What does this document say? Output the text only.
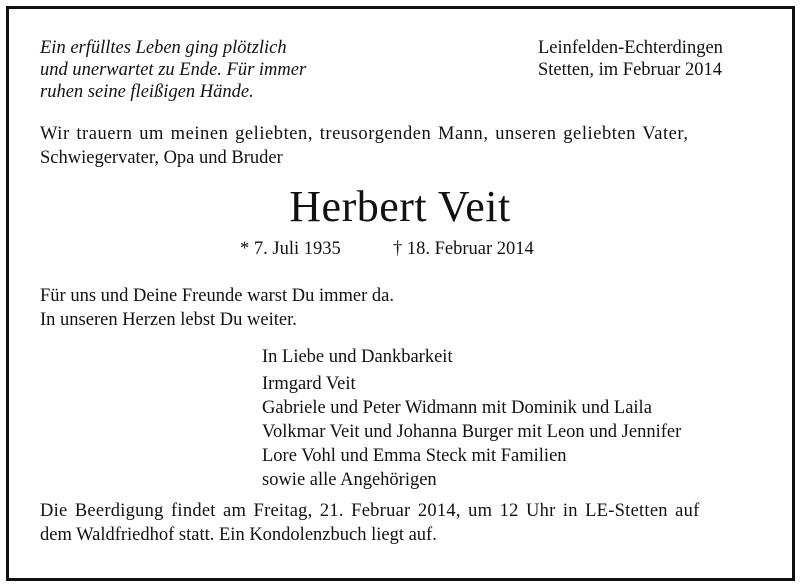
Ein erfülltes Leben ging plötzlich
und unerwartet zu Ende. Für immer
ruhen seine fleißigen Hände.
Leinfelden-Echterdingen
Stetten, im Februar 2014
Wir trauern um meinen geliebten, treusorgenden Mann, unseren geliebten Vater,
Schwiegervater, Opa und Bruder
Herbert Veit
* 7. Juli 1935	† 18. Februar 2014
Für uns und Deine Freunde warst Du immer da.
In unseren Herzen lebst Du weiter.
In Liebe und Dankbarkeit
Irmgard Veit
Gabriele und Peter Widmann mit Dominik und Laila
Volkmar Veit und Johanna Burger mit Leon und Jennifer
Lore Vohl und Emma Steck mit Familien
sowie alle Angehörigen
Die Beerdigung findet am Freitag, 21. Februar 2014, um 12 Uhr in LE-Stetten auf
dem Waldfriedhof statt. Ein Kondolenzbuch liegt auf.
